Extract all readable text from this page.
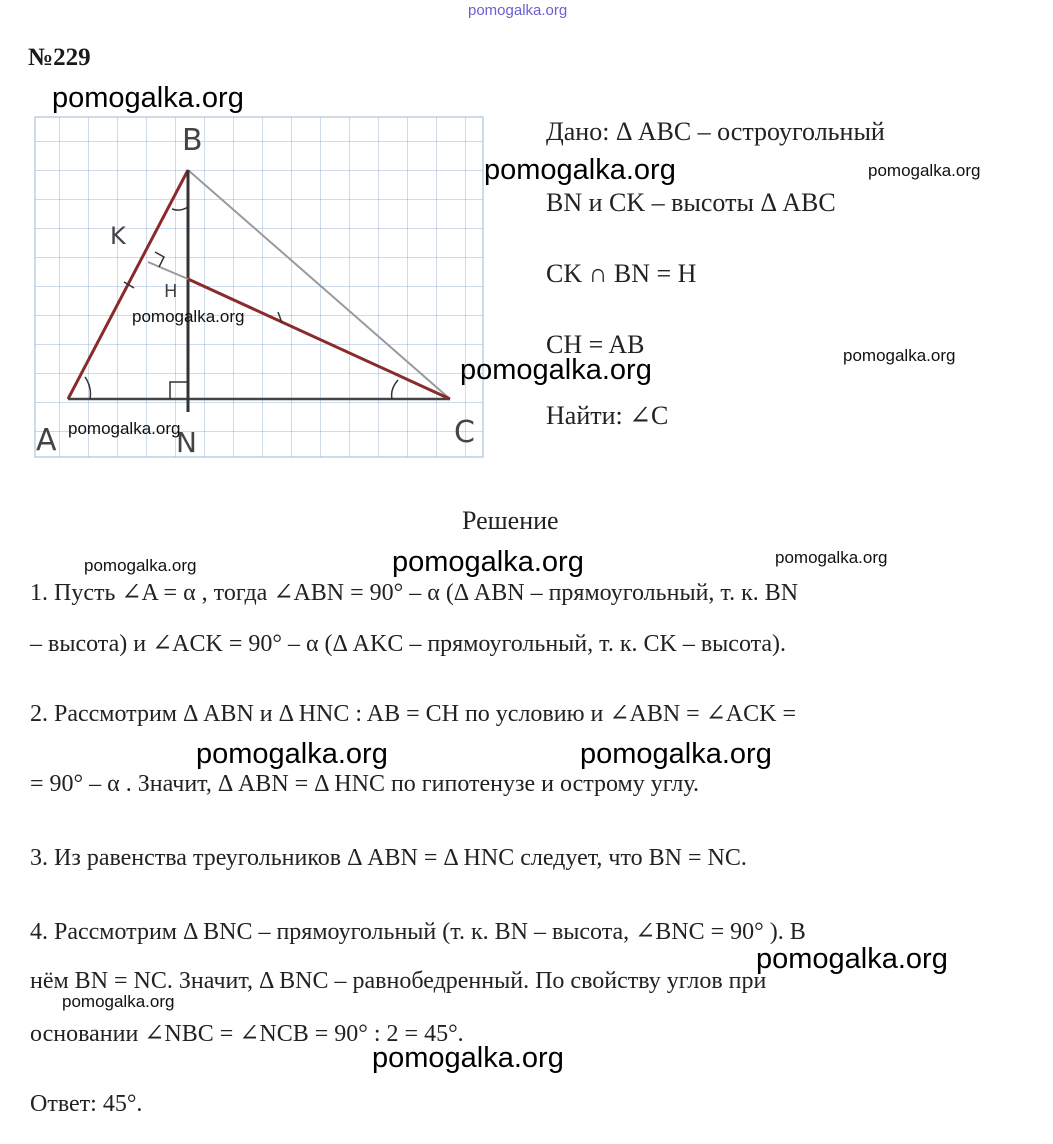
pomogalka.org
№229
B
A	C
K
H
N
Дано: Δ ABC – остроугольный
BN и CK – высоты Δ ABC
CK ∩ BN = H
CH = AB
Найти: ∠C
Решение
1. Пусть ∠A = α , тогда ∠ABN = 90° – α (Δ ABN – прямоугольный, т. к. BN
– высота) и ∠ACK = 90° – α (Δ AKC – прямоугольный, т. к. CK – высота).
2. Рассмотрим Δ ABN и Δ HNC : AB = CH по условию и ∠ABN = ∠ACK =
= 90° – α . Значит, Δ ABN = Δ HNC по гипотенузе и острому углу.
3. Из равенства треугольников Δ ABN = Δ HNC следует, что BN = NC.
4. Рассмотрим Δ BNC – прямоугольный (т. к. BN – высота, ∠BNC = 90° ). В
нём BN = NC. Значит, Δ BNC – равнобедренный. По свойству углов при
основании ∠NBC = ∠NCB = 90° : 2 = 45°.
Ответ: 45°.
pomogalka.org
pomogalka.org	pomogalka.org
pomogalka.org
pomogalka.org
pomogalka.org
pomogalka.org
pomogalka.org
pomogalka.org	pomogalka.org
pomogalka.org	pomogalka.org
pomogalka.org
pomogalka.org
pomogalka.org
